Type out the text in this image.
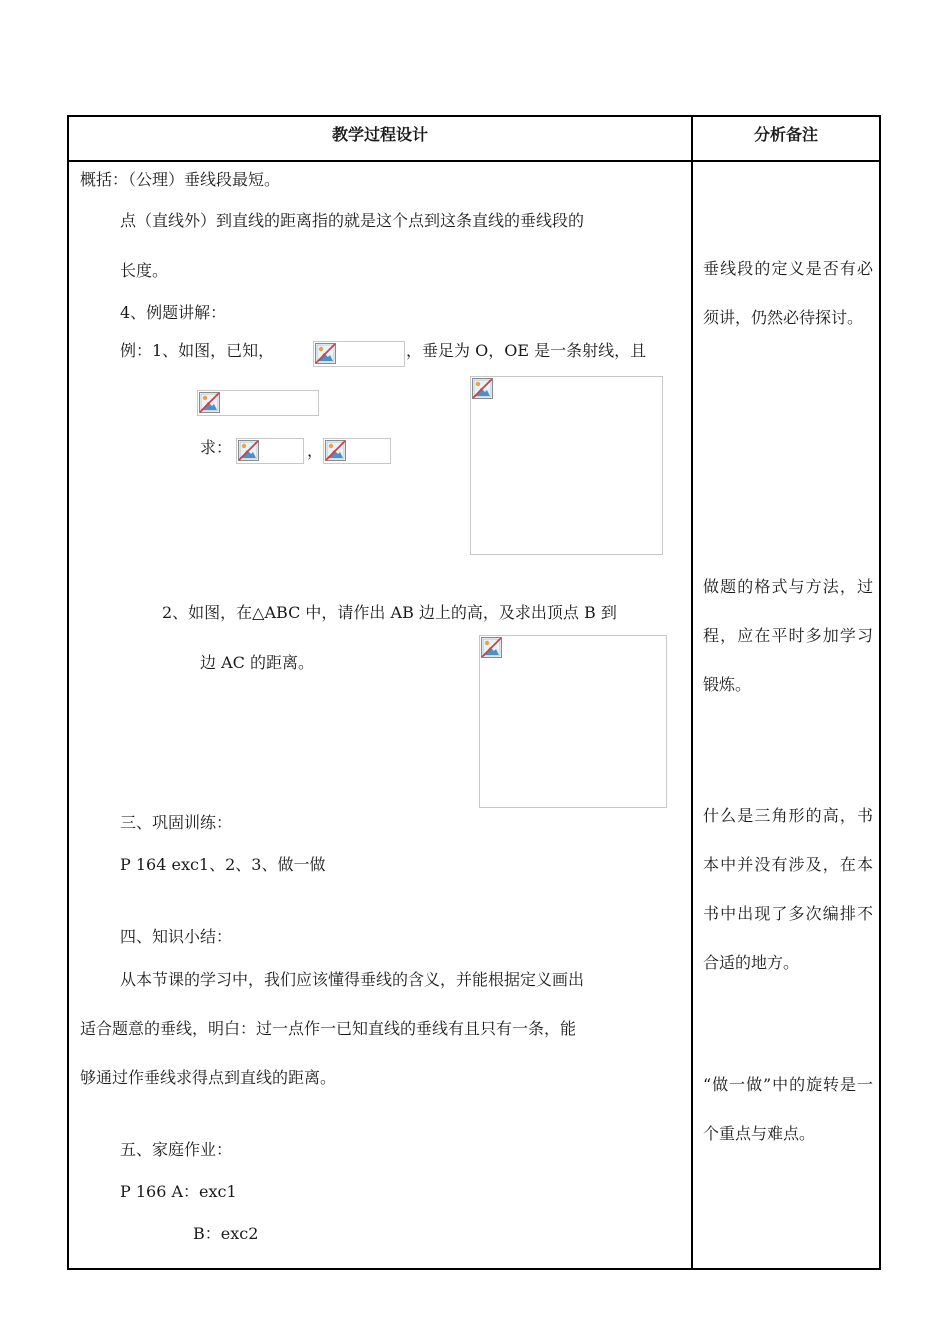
教学过程设计	分析备注
概括：（公理）垂线段最短。
点（直线外）到直线的距离指的就是这个点到这条直线的垂线段的
长度。
4、例题讲解：
例：1、如图，已知，	，垂足为 O，OE 是一条射线，且
求：	，
2、如图，在△ABC 中，请作出 AB 边上的高，及求出顶点 B 到
边 AC 的距离。
三、巩固训练：
P 164 exc1、2、3、做一做
四、知识小结：
从本节课的学习中，我们应该懂得垂线的含义，并能根据定义画出
适合题意的垂线，明白：过一点作一已知直线的垂线有且只有一条，能
够通过作垂线求得点到直线的距离。
五、家庭作业：
P 166 A：exc1
B：exc2
垂线段的定义是否有必须讲，仍然必待探讨。
做题的格式与方法，过程，应在平时多加学习锻炼。
什么是三角形的高，书本中并没有涉及，在本书中出现了多次编排不合适的地方。
“做一做”中的旋转是一个重点与难点。
